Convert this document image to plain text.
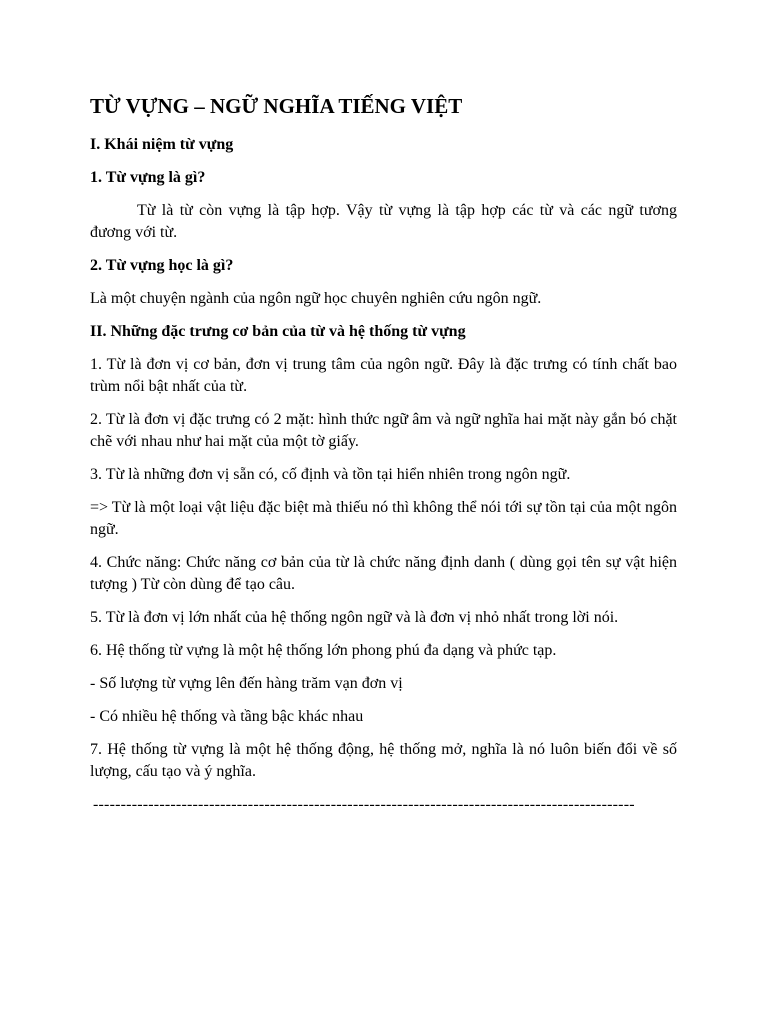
TỪ VỰNG – NGỮ NGHĨA TIẾNG VIỆT
I. Khái niệm từ vựng
1. Từ vựng là gì?
Từ là từ còn vựng là tập hợp. Vậy từ vựng là tập hợp các từ và các ngữ tương đương với từ.
2. Từ vựng học là gì?
Là một chuyện ngành của ngôn ngữ học chuyên nghiên cứu ngôn ngữ.
II. Những đặc trưng cơ bản của từ và hệ thống từ vựng
1. Từ là đơn vị cơ bản, đơn vị trung tâm của ngôn ngữ. Đây là đặc trưng có tính chất bao trùm nổi bật nhất của từ.
2. Từ là đơn vị đặc trưng có 2 mặt: hình thức ngữ âm và ngữ nghĩa hai mặt này gắn bó chặt chẽ với nhau như hai mặt của một tờ giấy.
3. Từ là những đơn vị sẵn có, cố định và tồn tại hiển nhiên trong ngôn ngữ.
=> Từ là một loại vật liệu đặc biệt mà thiếu nó thì không thể nói tới sự tồn tại của một ngôn ngữ.
4. Chức năng: Chức năng cơ bản của từ là chức năng định danh ( dùng gọi tên sự vật hiện tượng ) Từ còn dùng để tạo câu.
5. Từ là đơn vị lớn nhất của hệ thống ngôn ngữ và là đơn vị nhỏ nhất trong lời nói.
6. Hệ thống từ vựng là một hệ thống lớn phong phú đa dạng và phức tạp.
- Số lượng từ vựng lên đến hàng trăm vạn đơn vị
- Có nhiều hệ thống và tầng bậc khác nhau
7. Hệ thống từ vựng là một hệ thống động, hệ thống mở, nghĩa là nó luôn biến đổi về số lượng, cấu tạo và ý nghĩa.
--------------------------------------------------------------------------------------------------
